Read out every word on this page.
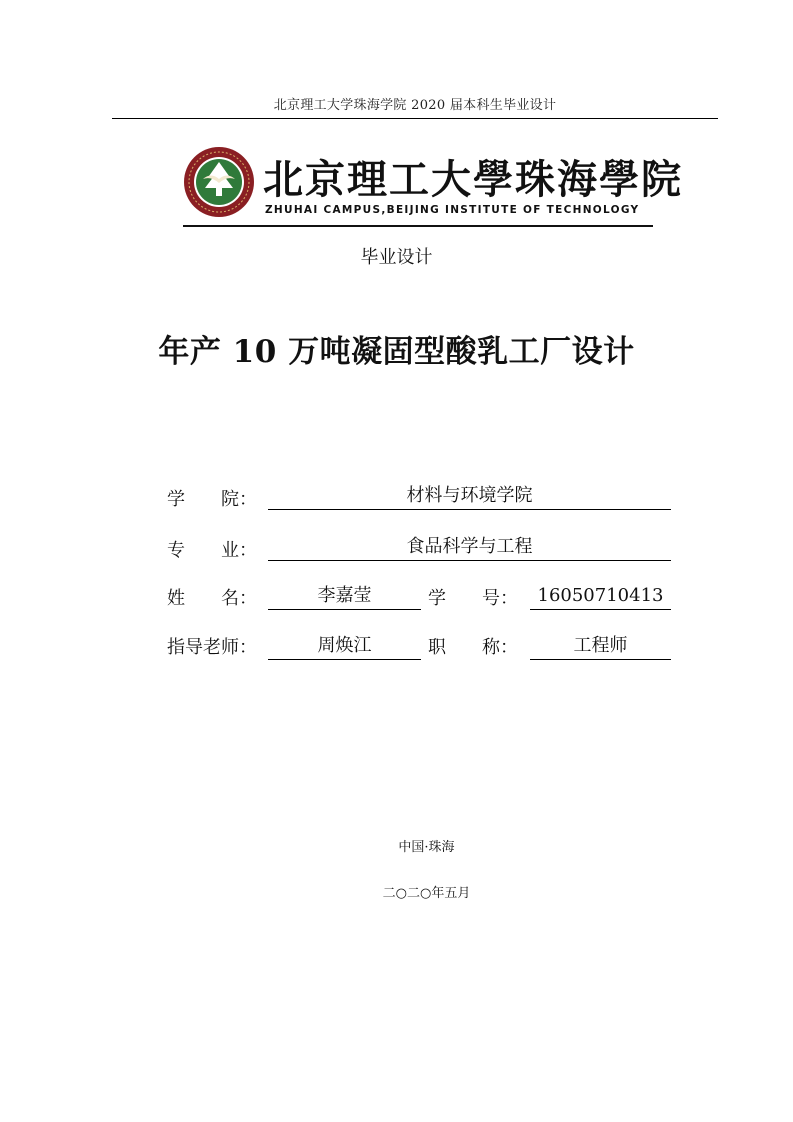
北京理工大学珠海学院 2020 届本科生毕业设计
北京理工大學珠海學院
ZHUHAI CAMPUS,BEIJING INSTITUTE OF TECHNOLOGY
毕业设计
年产 10 万吨凝固型酸乳工厂设计
学　　院：	材料与环境学院
专　　业：	食品科学与工程
姓　　名：	李嘉莹	学　　号：	16050710413
指导老师：	周焕江	职　　称：	工程师
中国·珠海
二○二○年五月
